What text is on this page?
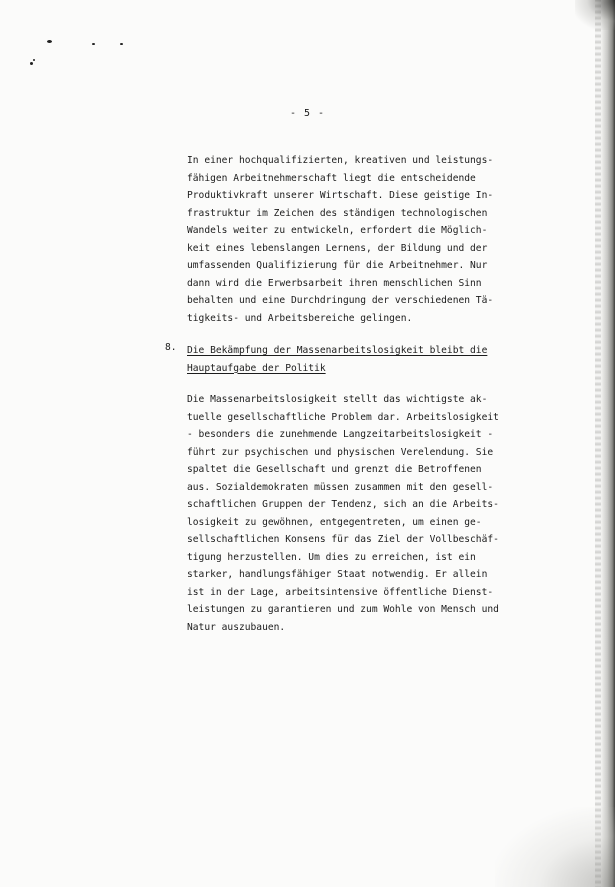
- 5 -
In einer hochqualifizierten, kreativen und leistungs-
fähigen Arbeitnehmerschaft liegt die entscheidende
Produktivkraft unserer Wirtschaft. Diese geistige In-
frastruktur im Zeichen des ständigen technologischen
Wandels weiter zu entwickeln, erfordert die Möglich-
keit eines lebenslangen Lernens, der Bildung und der
umfassenden Qualifizierung für die Arbeitnehmer. Nur
dann wird die Erwerbsarbeit ihren menschlichen Sinn
behalten und eine Durchdringung der verschiedenen Tä-
tigkeits- und Arbeitsbereiche gelingen.
8. Die Bekämpfung der Massenarbeitslosigkeit bleibt die
Hauptaufgabe der Politik
Die Massenarbeitslosigkeit stellt das wichtigste ak-
tuelle gesellschaftliche Problem dar. Arbeitslosigkeit
- besonders die zunehmende Langzeitarbeitslosigkeit -
führt zur psychischen und physischen Verelendung. Sie
spaltet die Gesellschaft und grenzt die Betroffenen
aus. Sozialdemokraten müssen zusammen mit den gesell-
schaftlichen Gruppen der Tendenz, sich an die Arbeits-
losigkeit zu gewöhnen, entgegentreten, um einen ge-
sellschaftlichen Konsens für das Ziel der Vollbeschäf-
tigung herzustellen. Um dies zu erreichen, ist ein
starker, handlungsfähiger Staat notwendig. Er allein
ist in der Lage, arbeitsintensive öffentliche Dienst-
leistungen zu garantieren und zum Wohle von Mensch und
Natur auszubauen.
